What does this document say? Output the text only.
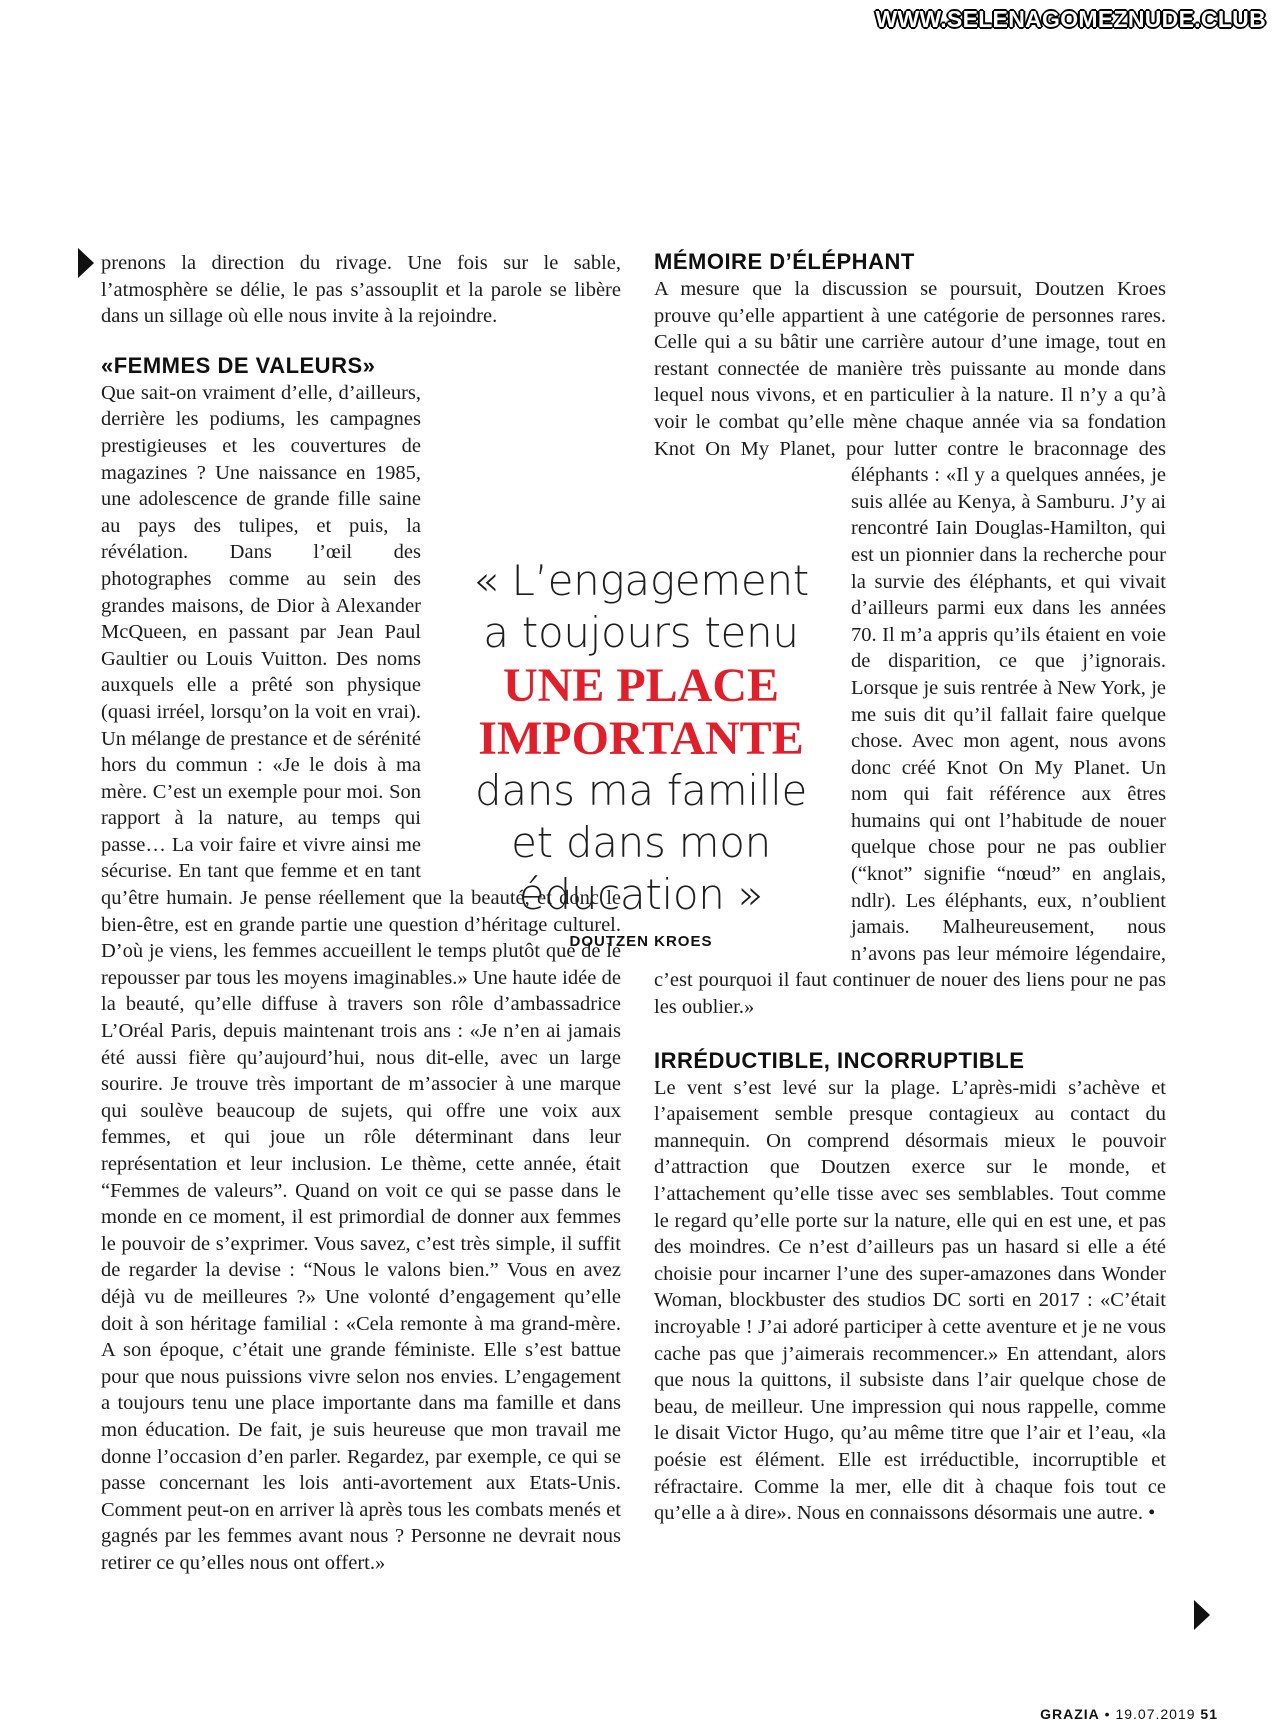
WWW.SELENAGOMEZNUDE.CLUB

prenons la direction du rivage. Une fois sur le sable, l’atmosphère se délie, le pas s’assouplit et la parole se libère dans un sillage où elle nous invite à la rejoindre.

«FEMMES DE VALEURS»

Que sait-on vraiment d’elle, d’ailleurs, derrière les podiums, les campagnes prestigieuses et les couvertures de magazines ? Une naissance en 1985, une adolescence de grande fille saine au pays des tulipes, et puis, la révélation. Dans l’œil des photographes comme au sein des grandes maisons, de Dior à Alexander McQueen, en passant par Jean Paul Gaultier ou Louis Vuitton. Des noms auxquels elle a prêté son physique (quasi irréel, lorsqu’on la voit en vrai). Un mélange de prestance et de sérénité hors du commun : «Je le dois à ma mère. C’est un exemple pour moi. Son rapport à la nature, au temps qui passe… La voir faire et vivre ainsi me sécurise. En tant que femme et en tant qu’être humain. Je pense réellement que la beauté, et donc le bien-être, est en grande partie une question d’héritage culturel. D’où je viens, les femmes accueillent le temps plutôt que de le repousser par tous les moyens imaginables.» Une haute idée de la beauté, qu’elle diffuse à travers son rôle d’ambassadrice L’Oréal Paris, depuis maintenant trois ans : «Je n’en ai jamais été aussi fière qu’aujourd’hui, nous dit-elle, avec un large sourire. Je trouve très important de m’associer à une marque qui soulève beaucoup de sujets, qui offre une voix aux femmes, et qui joue un rôle déterminant dans leur représentation et leur inclusion. Le thème, cette année, était “Femmes de valeurs”. Quand on voit ce qui se passe dans le monde en ce moment, il est primordial de donner aux femmes le pouvoir de s’exprimer. Vous savez, c’est très simple, il suffit de regarder la devise : “Nous le valons bien.” Vous en avez déjà vu de meilleures ?» Une volonté d’engagement qu’elle doit à son héritage familial : «Cela remonte à ma grand-mère. A son époque, c’était une grande féministe. Elle s’est battue pour que nous puissions vivre selon nos envies. L’engagement a toujours tenu une place importante dans ma famille et dans mon éducation. De fait, je suis heureuse que mon travail me donne l’occasion d’en parler. Regardez, par exemple, ce qui se passe concernant les lois anti-avortement aux Etats-Unis. Comment peut-on en arriver là après tous les combats menés et gagnés par les femmes avant nous ? Personne ne devrait nous retirer ce qu’elles nous ont offert.»

MÉMOIRE D’ÉLÉPHANT

A mesure que la discussion se poursuit, Doutzen Kroes prouve qu’elle appartient à une catégorie de personnes rares. Celle qui a su bâtir une carrière autour d’une image, tout en restant connectée de manière très puissante au monde dans lequel nous vivons, et en particulier à la nature. Il n’y a qu’à voir le combat qu’elle mène chaque année via sa fondation Knot On My Planet, pour lutter contre le braconnage des éléphants : «Il y a quelques années, je suis allée au Kenya, à Samburu. J’y ai rencontré Iain Douglas-Hamilton, qui est un pionnier dans la recherche pour la survie des éléphants, et qui vivait d’ailleurs parmi eux dans les années 70. Il m’a appris qu’ils étaient en voie de disparition, ce que j’ignorais. Lorsque je suis rentrée à New York, je me suis dit qu’il fallait faire quelque chose. Avec mon agent, nous avons donc créé Knot On My Planet. Un nom qui fait référence aux êtres humains qui ont l’habitude de nouer quelque chose pour ne pas oublier (“knot” signifie “nœud” en anglais, ndlr). Les éléphants, eux, n’oublient jamais. Malheureusement, nous n’avons pas leur mémoire légendaire, c’est pourquoi il faut continuer de nouer des liens pour ne pas les oublier.»

IRRÉDUCTIBLE, INCORRUPTIBLE

Le vent s’est levé sur la plage. L’après-midi s’achève et l’apaisement semble presque contagieux au contact du mannequin. On comprend désormais mieux le pouvoir d’attraction que Doutzen exerce sur le monde, et l’attachement qu’elle tisse avec ses semblables. Tout comme le regard qu’elle porte sur la nature, elle qui en est une, et pas des moindres. Ce n’est d’ailleurs pas un hasard si elle a été choisie pour incarner l’une des super-amazones dans Wonder Woman, blockbuster des studios DC sorti en 2017 : «C’était incroyable ! J’ai adoré participer à cette aventure et je ne vous cache pas que j’aimerais recommencer.» En attendant, alors que nous la quittons, il subsiste dans l’air quelque chose de beau, de meilleur. Une impression qui nous rappelle, comme le disait Victor Hugo, qu’au même titre que l’air et l’eau, «la poésie est élément. Elle est irréductible, incorruptible et réfractaire. Comme la mer, elle dit à chaque fois tout ce qu’elle a à dire». Nous en connaissons désormais une autre. •

« L’engagement
a toujours tenu
UNE PLACE
IMPORTANTE
dans ma famille
et dans mon
éducation »
DOUTZEN KROES
GRAZIA • 19.07.2019 51
